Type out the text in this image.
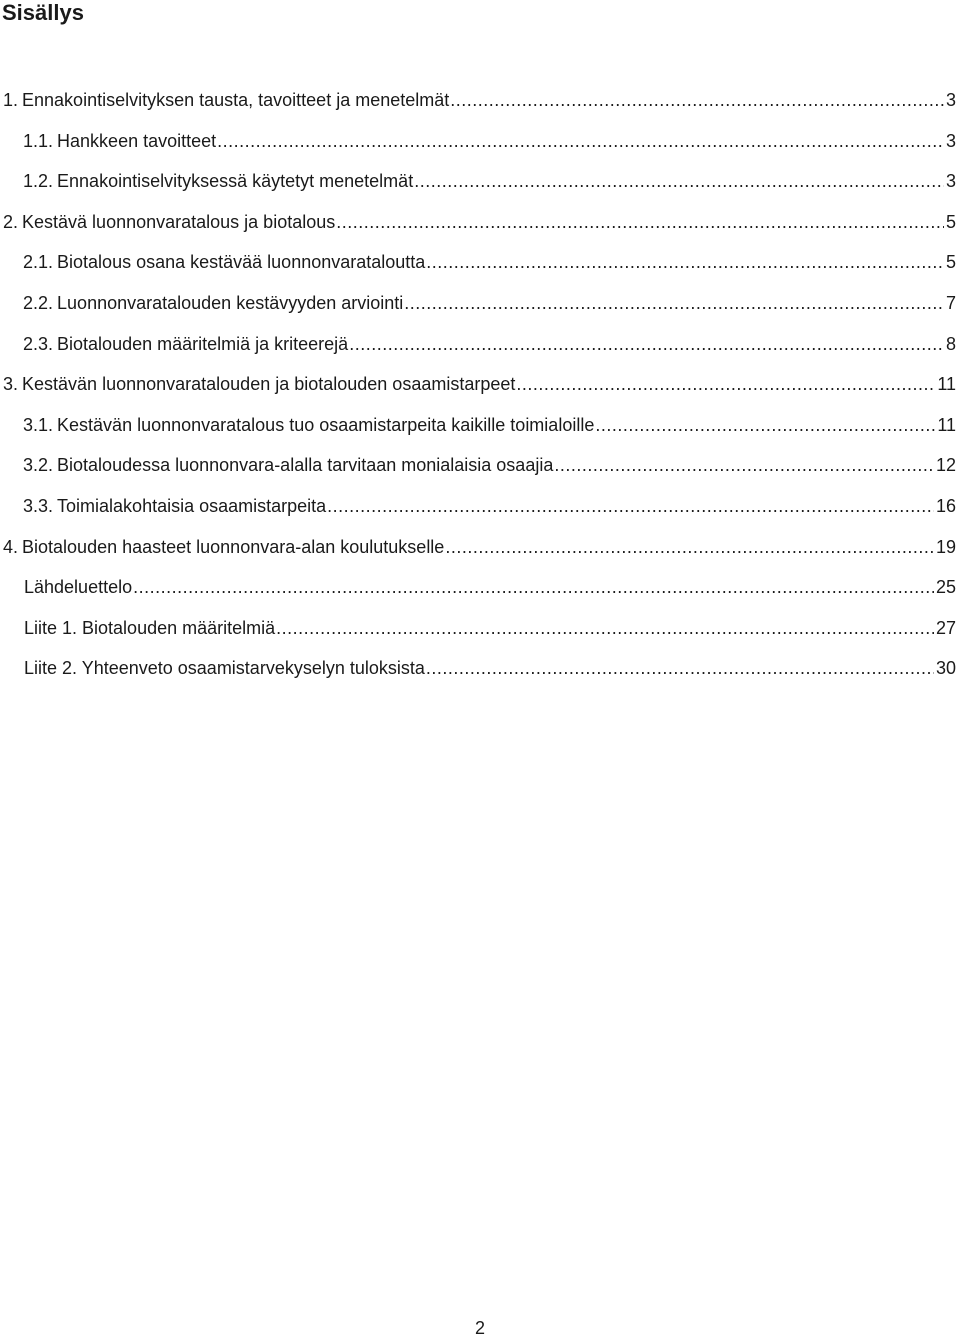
Sisällys
1. Ennakointiselvityksen tausta, tavoitteet ja menetelmät .....	3
1.1. Hankkeen tavoitteet .....	3
1.2. Ennakointiselvityksessä käytetyt menetelmät .....	3
2. Kestävä luonnonvaratalous ja biotalous .....	5
2.1. Biotalous osana kestävää luonnonvarataloutta .....	5
2.2. Luonnonvaratalouden kestävyyden arviointi .....	7
2.3. Biotalouden määritelmiä ja kriteerejä .....	8
3. Kestävän luonnonvaratalouden ja biotalouden osaamistarpeet .....	11
3.1. Kestävän luonnonvaratalous tuo osaamistarpeita kaikille toimialoille .....	11
3.2. Biotaloudessa luonnonvara-alalla tarvitaan monialaisia osaajia .....	12
3.3. Toimialakohtaisia osaamistarpeita .....	16
4. Biotalouden haasteet luonnonvara-alan koulutukselle .....	19
Lähdeluettelo .....	25
Liite 1. Biotalouden määritelmiä .....	27
Liite 2. Yhteenveto osaamistarvekyselyn tuloksista .....	30
2
